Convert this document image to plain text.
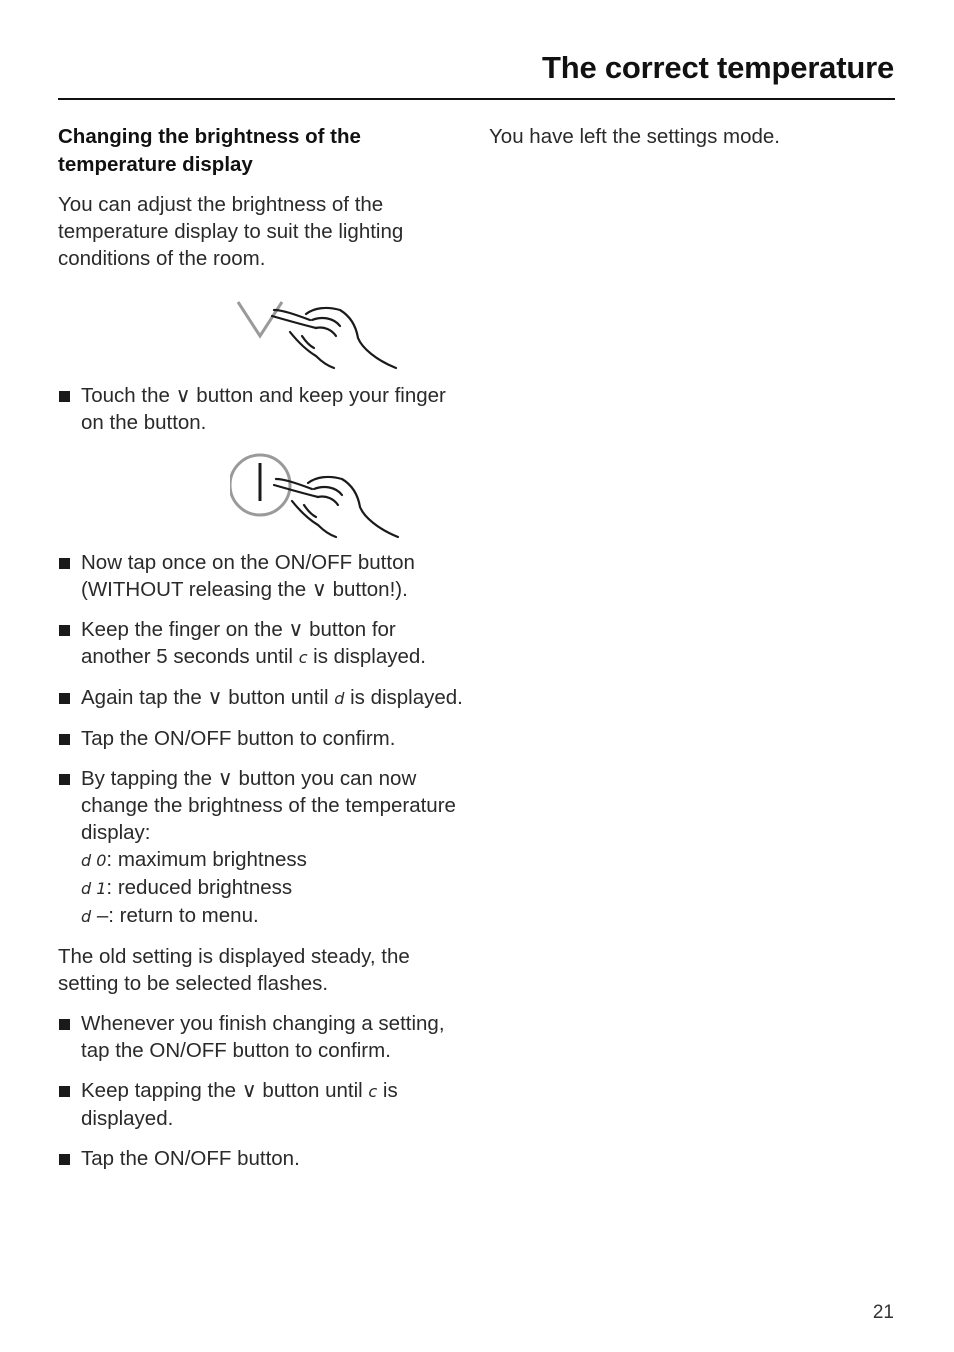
The correct temperature

Changing the brightness of the temperature display

You can adjust the brightness of the temperature display to suit the lighting conditions of the room.

Touch the ∨ button and keep your finger on the button.
Now tap once on the ON/OFF button (WITHOUT releasing the ∨ button!).
Keep the finger on the ∨ button for another 5 seconds until c is displayed.
Again tap the ∨ button until d is displayed.
Tap the ON/OFF button to confirm.
By tapping the ∨ button you can now change the brightness of the temperature display:
d 0: maximum brightness
d 1: reduced brightness
d –: return to menu.

The old setting is displayed steady, the setting to be selected flashes.

Whenever you finish changing a setting, tap the ON/OFF button to confirm.
Keep tapping the ∨ button until c is displayed.
Tap the ON/OFF button.

You have left the settings mode.

21
